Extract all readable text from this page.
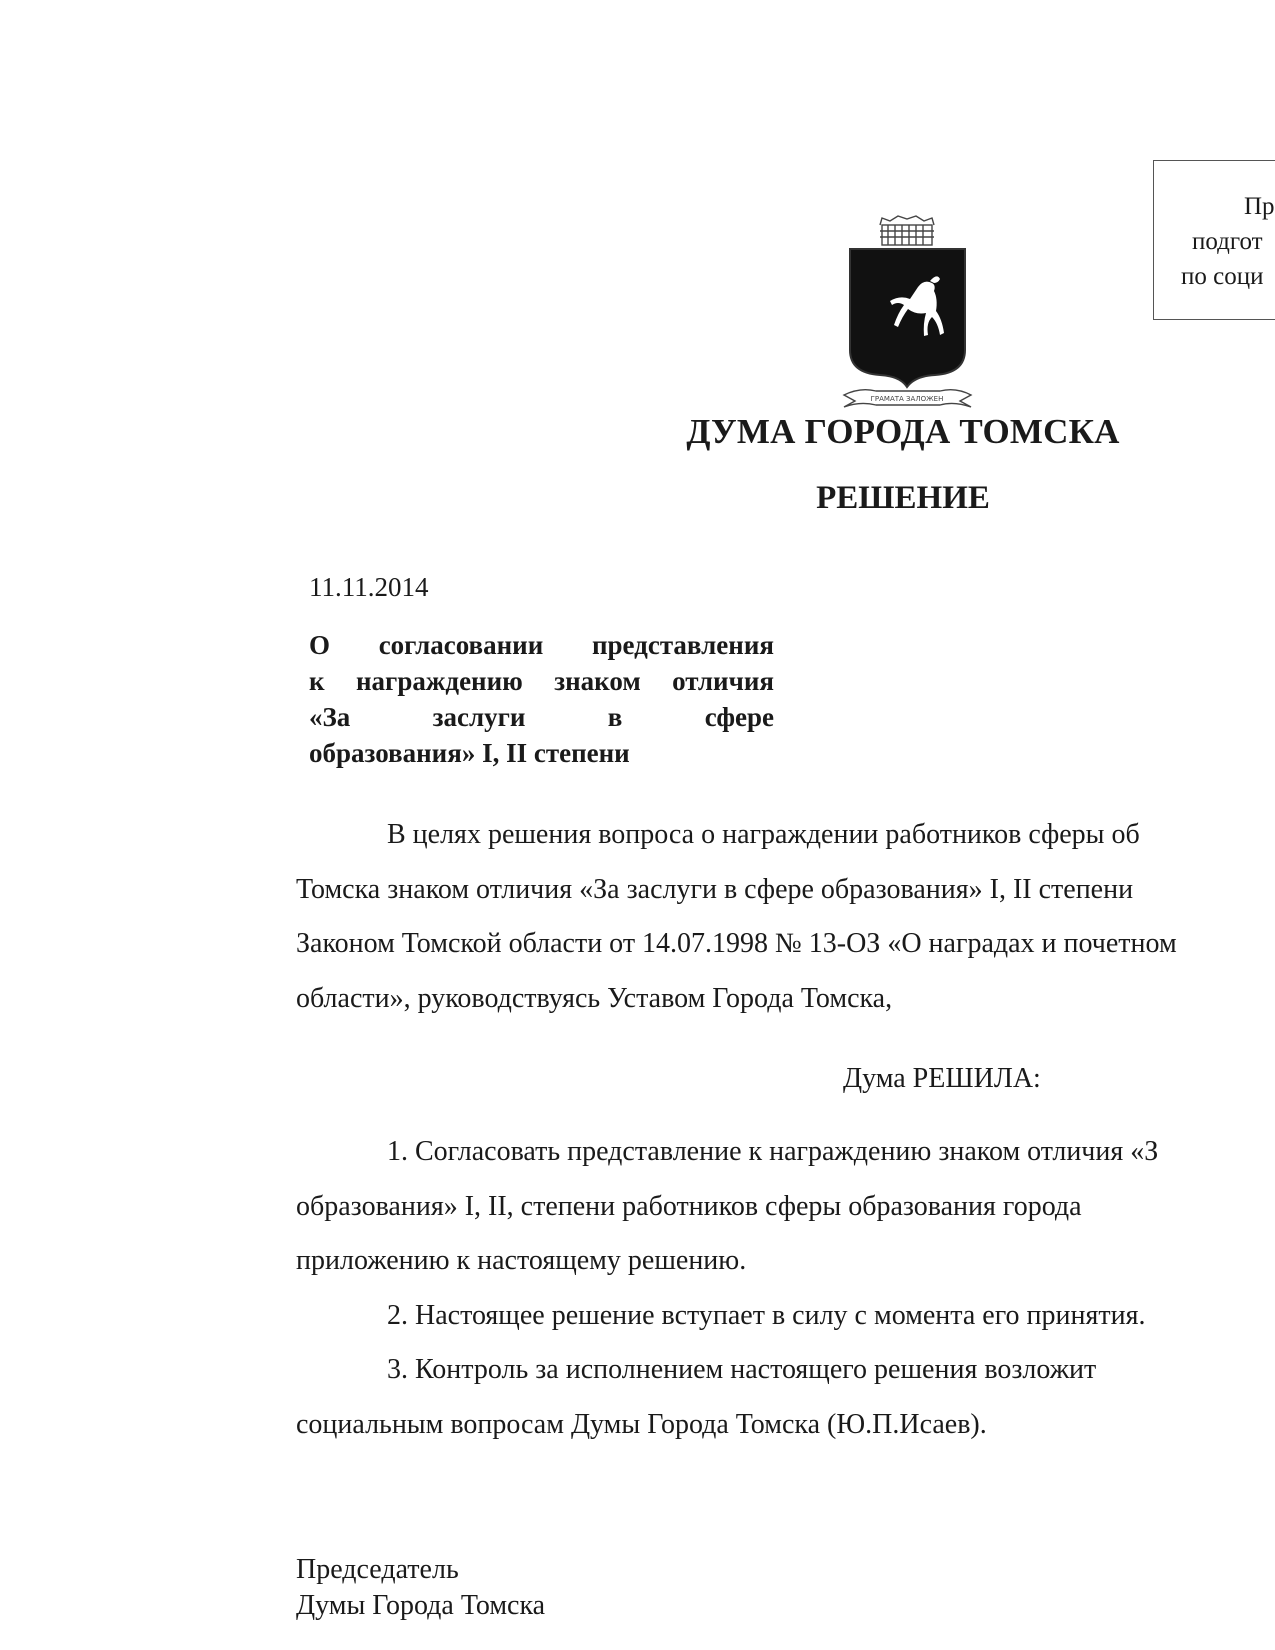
Пр
подгот
по соци
ГРАМАТА ЗАЛОЖЕН
ДУМА ГОРОДА ТОМСКА
РЕШЕНИЕ
11.11.2014
О согласовании представления
к награждению знаком отличия
«За заслуги в сфере
образования» I, II степени
В целях решения вопроса о награждении работников сферы об
Томска знаком отличия «За заслуги в сфере образования» I, II степени
Законом Томской области от 14.07.1998 № 13-ОЗ «О наградах и почетном
области», руководствуясь Уставом Города Томска,
Дума РЕШИЛА:
1. Согласовать представление к награждению знаком отличия «З
образования» I, II, степени работников сферы образования города
приложению к настоящему решению.
2. Настоящее решение вступает в силу с момента его принятия.
3. Контроль за исполнением настоящего решения возложит
социальным вопросам Думы Города Томска (Ю.П.Исаев).
Председатель
Думы Города Томска
